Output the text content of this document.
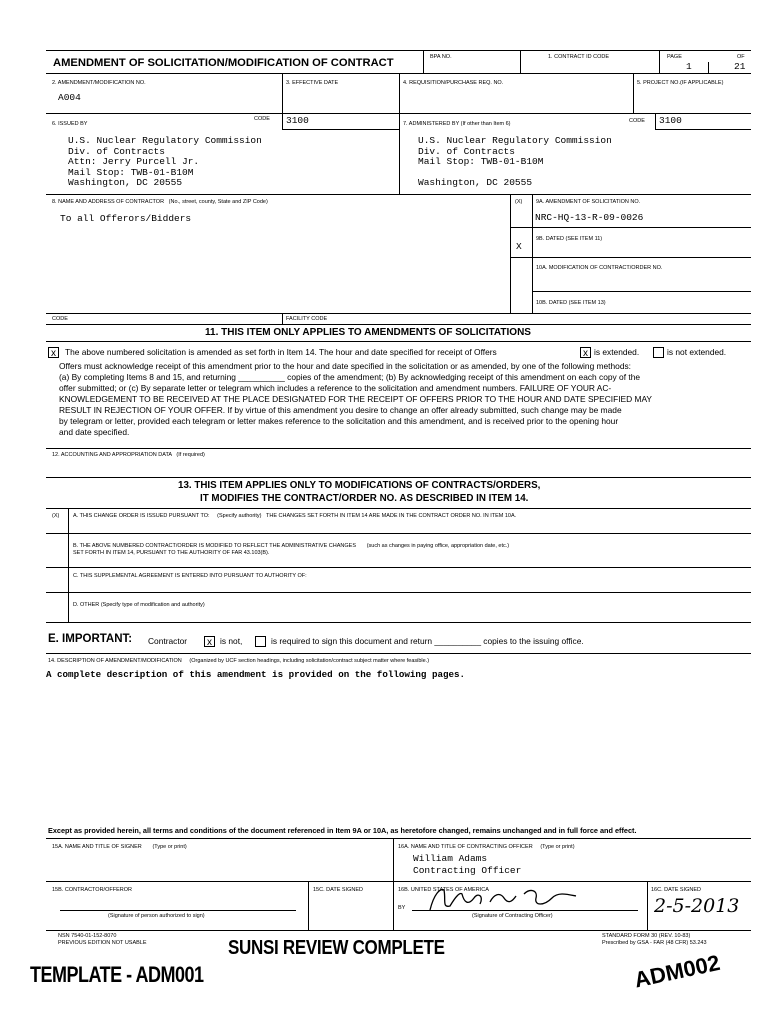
AMENDMENT OF SOLICITATION/MODIFICATION OF CONTRACT	BPA NO.	1. CONTRACT ID CODE	PAGE	OF
1	21
2. AMENDMENT/MODIFICATION NO.
A004
3. EFFECTIVE DATE	4. REQUISITION/PURCHASE REQ. NO.	5. PROJECT NO.(IF APPLICABLE)
6. ISSUED BY
CODE 3100
U.S. Nuclear Regulatory Commission
Div. of Contracts
Attn: Jerry Purcell Jr.
Mail Stop: TWB-01-B10M
Washington, DC 20555
7. ADMINISTERED BY (If other than Item 6)	CODE 3100
U.S. Nuclear Regulatory Commission
Div. of Contracts
Mail Stop: TWB-01-B10M
Washington, DC 20555
8. NAME AND ADDRESS OF CONTRACTOR (No., street, county, State and ZIP Code)
To all Offerors/Bidders
(X) 9A. AMENDMENT OF SOLICITATION NO.
NRC-HQ-13-R-09-0026
9B. DATED (SEE ITEM 11)
X
10A. MODIFICATION OF CONTRACT/ORDER NO.
10B. DATED (SEE ITEM 13)
CODE	FACILITY CODE
11. THIS ITEM ONLY APPLIES TO AMENDMENTS OF SOLICITATIONS
x	The above numbered solicitation is amended as set forth in Item 14. The hour and date specified for receipt of Offers	x is extended.	is not extended.
Offers must acknowledge receipt of this amendment prior to the hour and date specified in the solicitation or as amended, by one of the following methods:
(a) By completing Items 8 and 15, and returning __________ copies of the amendment; (b) By acknowledging receipt of this amendment on each copy of the
offer submitted; or (c) By separate letter or telegram which includes a reference to the solicitation and amendment numbers. FAILURE OF YOUR AC-
KNOWLEDGEMENT TO BE RECEIVED AT THE PLACE DESIGNATED FOR THE RECEIPT OF OFFERS PRIOR TO THE HOUR AND DATE SPECIFIED MAY
RESULT IN REJECTION OF YOUR OFFER. If by virtue of this amendment you desire to change an offer already submitted, such change may be made
by telegram or letter, provided each telegram or letter makes reference to the solicitation and this amendment, and is received prior to the opening hour
and date specified.
12. ACCOUNTING AND APPROPRIATION DATA (If required)
13. THIS ITEM APPLIES ONLY TO MODIFICATIONS OF CONTRACTS/ORDERS,
IT MODIFIES THE CONTRACT/ORDER NO. AS DESCRIBED IN ITEM 14.
(X) A. THIS CHANGE ORDER IS ISSUED PURSUANT TO: (Specify authority) THE CHANGES SET FORTH IN ITEM 14 ARE MADE IN THE CONTRACT ORDER NO. IN ITEM 10A.
B. THE ABOVE NUMBERED CONTRACT/ORDER IS MODIFIED TO REFLECT THE ADMINISTRATIVE CHANGES (such as changes in paying office, appropriation date, etc.)
SET FORTH IN ITEM 14, PURSUANT TO THE AUTHORITY OF FAR 43.103(B).
C. THIS SUPPLEMENTAL AGREEMENT IS ENTERED INTO PURSUANT TO AUTHORITY OF:
D. OTHER (Specify type of modification and authority)
E. IMPORTANT: Contractor	x is not,	is required to sign this document and return __________ copies to the issuing office.
14. DESCRIPTION OF AMENDMENT/MODIFICATION (Organized by UCF section headings, including solicitation/contract subject matter where feasible.)
A complete description of this amendment is provided on the following pages.
Except as provided herein, all terms and conditions of the document referenced in Item 9A or 10A, as heretofore changed, remains unchanged and in full force and effect.
15A. NAME AND TITLE OF SIGNER (Type or print)	16A. NAME AND TITLE OF CONTRACTING OFFICER (Type or print)
William Adams
Contracting Officer
15B. CONTRACTOR/OFFEROR	15C. DATE SIGNED	16B. UNITED STATES OF AMERICA	16C. DATE SIGNED
(Signature of person authorized to sign)
BY
(Signature of Contracting Officer)	2-5-2013
NSN 7540-01-152-8070
PREVIOUS EDITION NOT USABLE
STANDARD FORM 30 (REV. 10-83)
Prescribed by GSA - FAR (48 CFR) 53.243
SUNSI REVIEW COMPLETE
TEMPLATE - ADM001	ADM002
